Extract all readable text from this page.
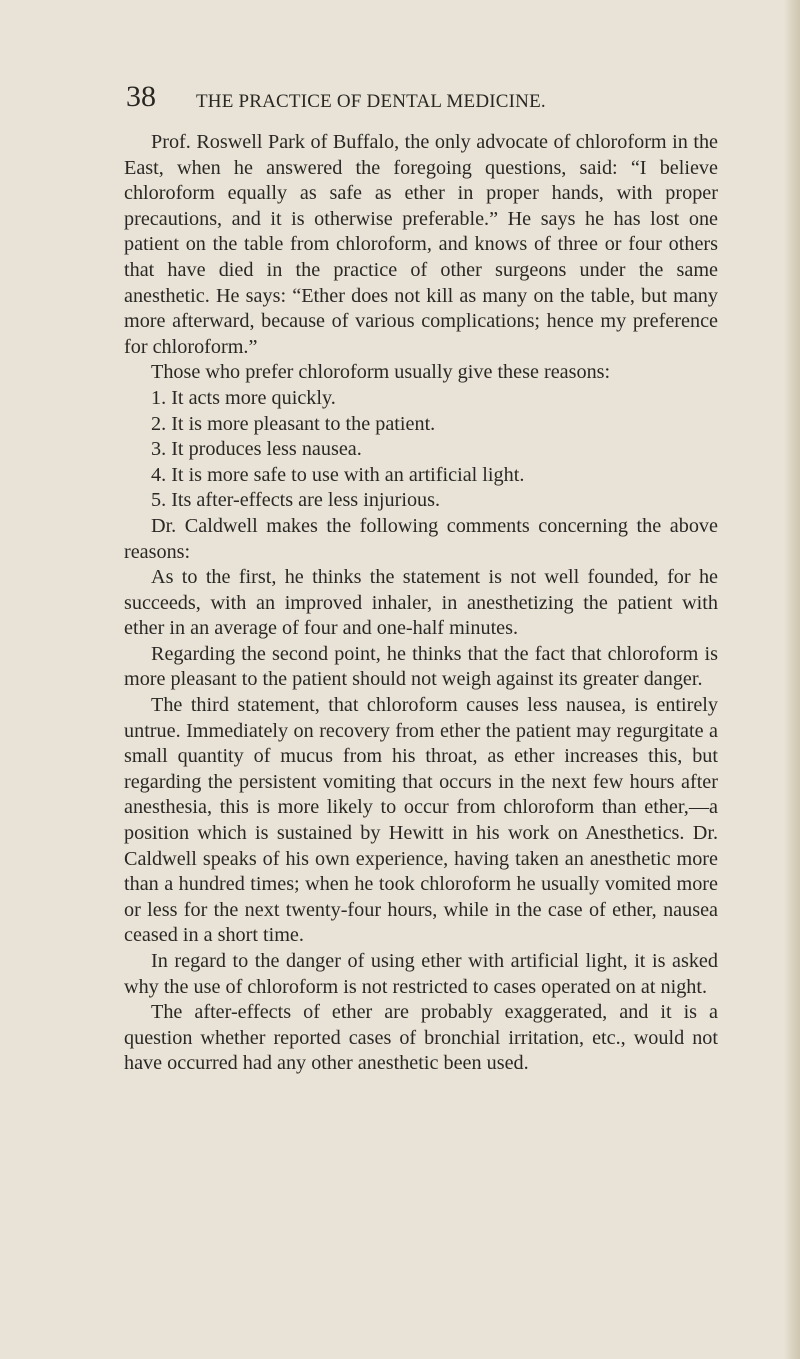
38 THE PRACTICE OF DENTAL MEDICINE.

Prof. Roswell Park of Buffalo, the only advocate of chloroform in the East, when he answered the foregoing questions, said: “I believe chloroform equally as safe as ether in proper hands, with proper precautions, and it is otherwise preferable.” He says he has lost one patient on the table from chloroform, and knows of three or four others that have died in the practice of other surgeons under the same anesthetic. He says: “Ether does not kill as many on the table, but many more afterward, because of various complications; hence my preference for chloroform.”

Those who prefer chloroform usually give these reasons:

1. It acts more quickly.
2. It is more pleasant to the patient.
3. It produces less nausea.
4. It is more safe to use with an artificial light.
5. Its after-effects are less injurious.

Dr. Caldwell makes the following comments concerning the above reasons:

As to the first, he thinks the statement is not well founded, for he succeeds, with an improved inhaler, in anesthetizing the patient with ether in an average of four and one-half minutes.

Regarding the second point, he thinks that the fact that chloroform is more pleasant to the patient should not weigh against its greater danger.

The third statement, that chloroform causes less nausea, is entirely untrue. Immediately on recovery from ether the patient may regurgitate a small quantity of mucus from his throat, as ether increases this, but regarding the persistent vomiting that occurs in the next few hours after anesthesia, this is more likely to occur from chloroform than ether,—a position which is sustained by Hewitt in his work on Anesthetics. Dr. Caldwell speaks of his own experience, having taken an anesthetic more than a hundred times; when he took chloroform he usually vomited more or less for the next twenty-four hours, while in the case of ether, nausea ceased in a short time.

In regard to the danger of using ether with artificial light, it is asked why the use of chloroform is not restricted to cases operated on at night.

The after-effects of ether are probably exaggerated, and it is a question whether reported cases of bronchial irritation, etc., would not have occurred had any other anesthetic been used.
